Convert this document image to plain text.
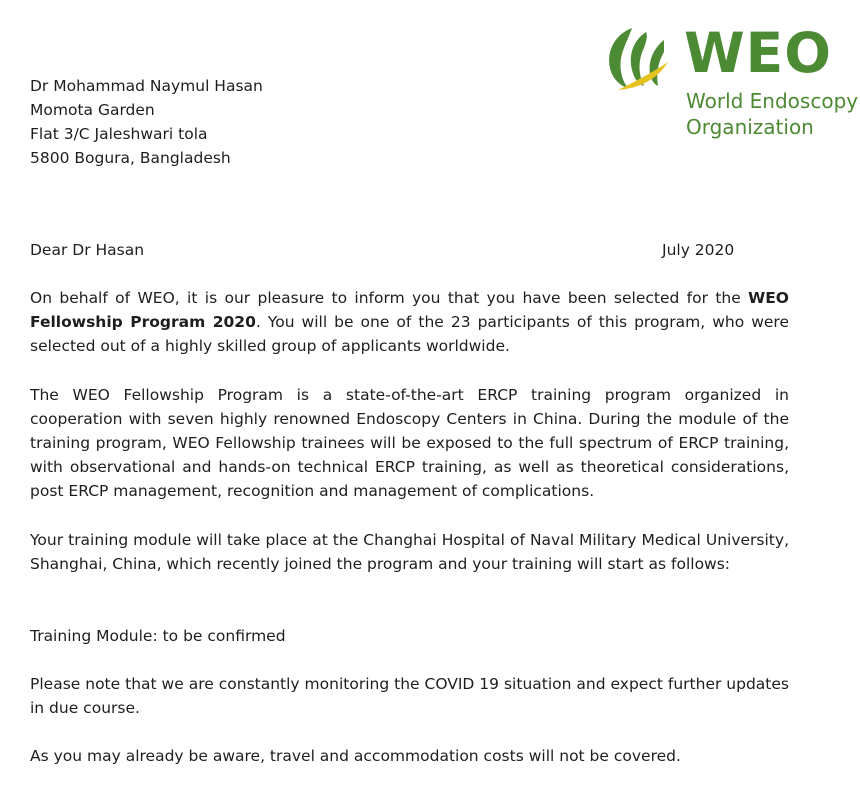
WEO
World Endoscopy
Organization
Dr Mohammad Naymul Hasan
Momota Garden
Flat 3/C Jaleshwari tola
5800 Bogura, Bangladesh
Dear Dr Hasan	July 2020

On behalf of WEO, it is our pleasure to inform you that you have been selected for the WEO Fellowship Program 2020. You will be one of the 23 participants of this program, who were selected out of a highly skilled group of applicants worldwide.

The WEO Fellowship Program is a state-of-the-art ERCP training program organized in cooperation with seven highly renowned Endoscopy Centers in China. During the module of the training program, WEO Fellowship trainees will be exposed to the full spectrum of ERCP training, with observational and hands-on technical ERCP training, as well as theoretical considerations, post ERCP management, recognition and management of complications.

Your training module will take place at the Changhai Hospital of Naval Military Medical University, Shanghai, China, which recently joined the program and your training will start as follows:

Training Module: to be confirmed

Please note that we are constantly monitoring the COVID 19 situation and expect further updates in due course.

As you may already be aware, travel and accommodation costs will not be covered.
